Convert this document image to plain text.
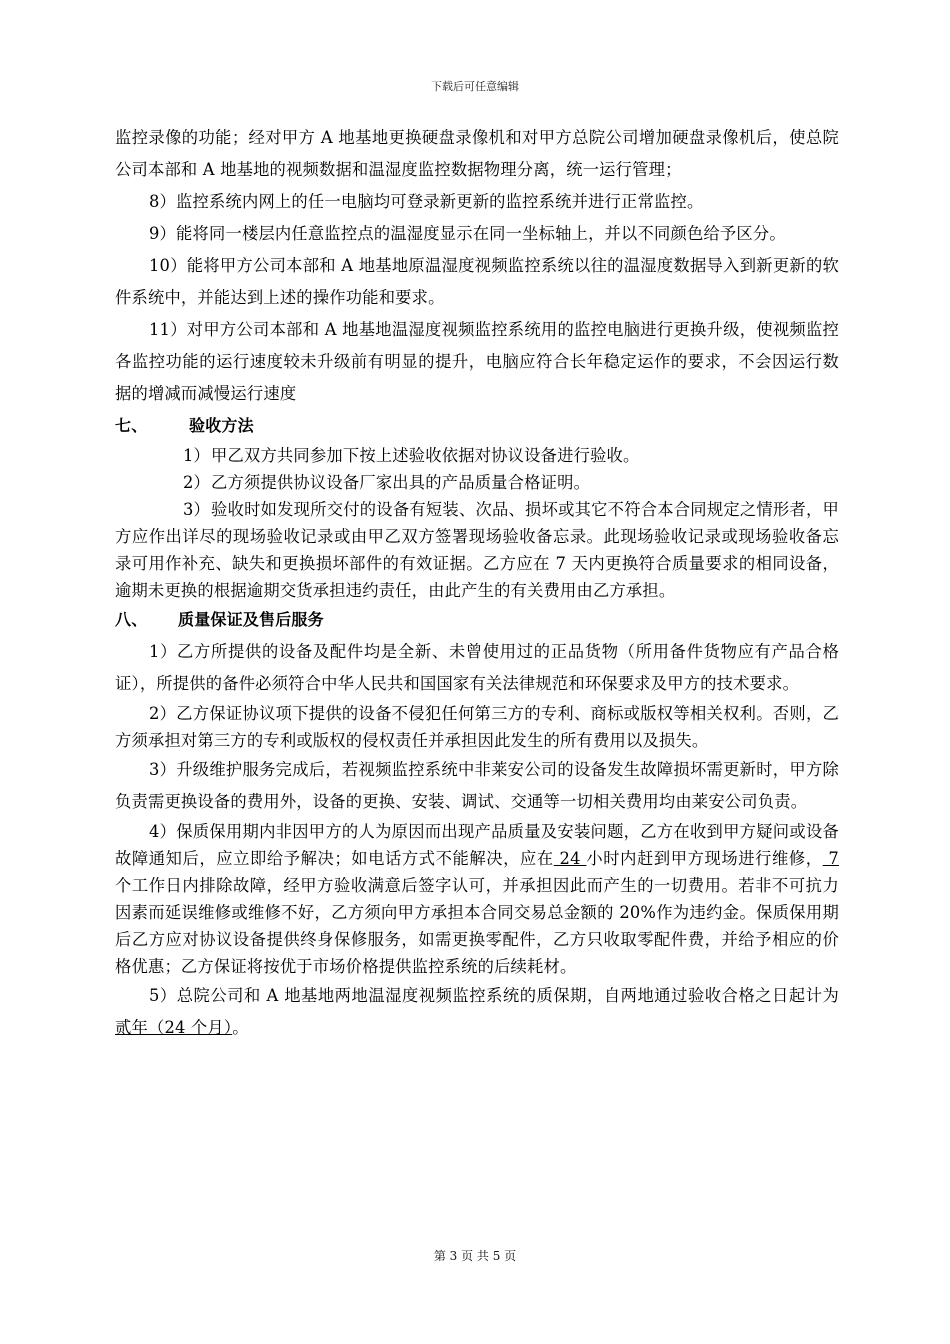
下载后可任意编辑

监控录像的功能；经对甲方 A 地基地更换硬盘录像机和对甲方总院公司增加硬盘录像机后，使总院公司本部和 A 地基地的视频数据和温湿度监控数据物理分离，统一运行管理；

8）监控系统内网上的任一电脑均可登录新更新的监控系统并进行正常监控。

9）能将同一楼层内任意监控点的温湿度显示在同一坐标轴上，并以不同颜色给予区分。

10）能将甲方公司本部和 A 地基地原温湿度视频监控系统以往的温湿度数据导入到新更新的软件系统中，并能达到上述的操作功能和要求。

11）对甲方公司本部和 A 地基地温湿度视频监控系统用的监控电脑进行更换升级，使视频监控各监控功能的运行速度较未升级前有明显的提升，电脑应符合长年稳定运作的要求，不会因运行数据的增减而减慢运行速度

七、	验收方法

1）甲乙双方共同参加下按上述验收依据对协议设备进行验收。

2）乙方须提供协议设备厂家出具的产品质量合格证明。

3）验收时如发现所交付的设备有短装、次品、损坏或其它不符合本合同规定之情形者，甲方应作出详尽的现场验收记录或由甲乙双方签署现场验收备忘录。此现场验收记录或现场验收备忘录可用作补充、缺失和更换损坏部件的有效证据。乙方应在 7 天内更换符合质量要求的相同设备，逾期未更换的根据逾期交货承担违约责任，由此产生的有关费用由乙方承担。

八、 质量保证及售后服务

1）乙方所提供的设备及配件均是全新、未曾使用过的正品货物（所用备件货物应有产品合格证），所提供的备件必须符合中华人民共和国国家有关法律规范和环保要求及甲方的技术要求。

2）乙方保证协议项下提供的设备不侵犯任何第三方的专利、商标或版权等相关权利。否则，乙方须承担对第三方的专利或版权的侵权责任并承担因此发生的所有费用以及损失。

3）升级维护服务完成后，若视频监控系统中非莱安公司的设备发生故障损坏需更新时，甲方除负责需更换设备的费用外，设备的更换、安装、调试、交通等一切相关费用均由莱安公司负责。

4）保质保用期内非因甲方的人为原因而出现产品质量及安装问题，乙方在收到甲方疑问或设备故障通知后，应立即给予解决；如电话方式不能解决，应在 24 小时内赶到甲方现场进行维修， 7 个工作日内排除故障，经甲方验收满意后签字认可，并承担因此而产生的一切费用。若非不可抗力因素而延误维修或维修不好，乙方须向甲方承担本合同交易总金额的 20%作为违约金。保质保用期后乙方应对协议设备提供终身保修服务，如需更换零配件，乙方只收取零配件费，并给予相应的价格优惠；乙方保证将按优于市场价格提供监控系统的后续耗材。

5）总院公司和 A 地基地两地温湿度视频监控系统的质保期，自两地通过验收合格之日起计为贰年（24 个月）。

第 3 页 共 5 页
